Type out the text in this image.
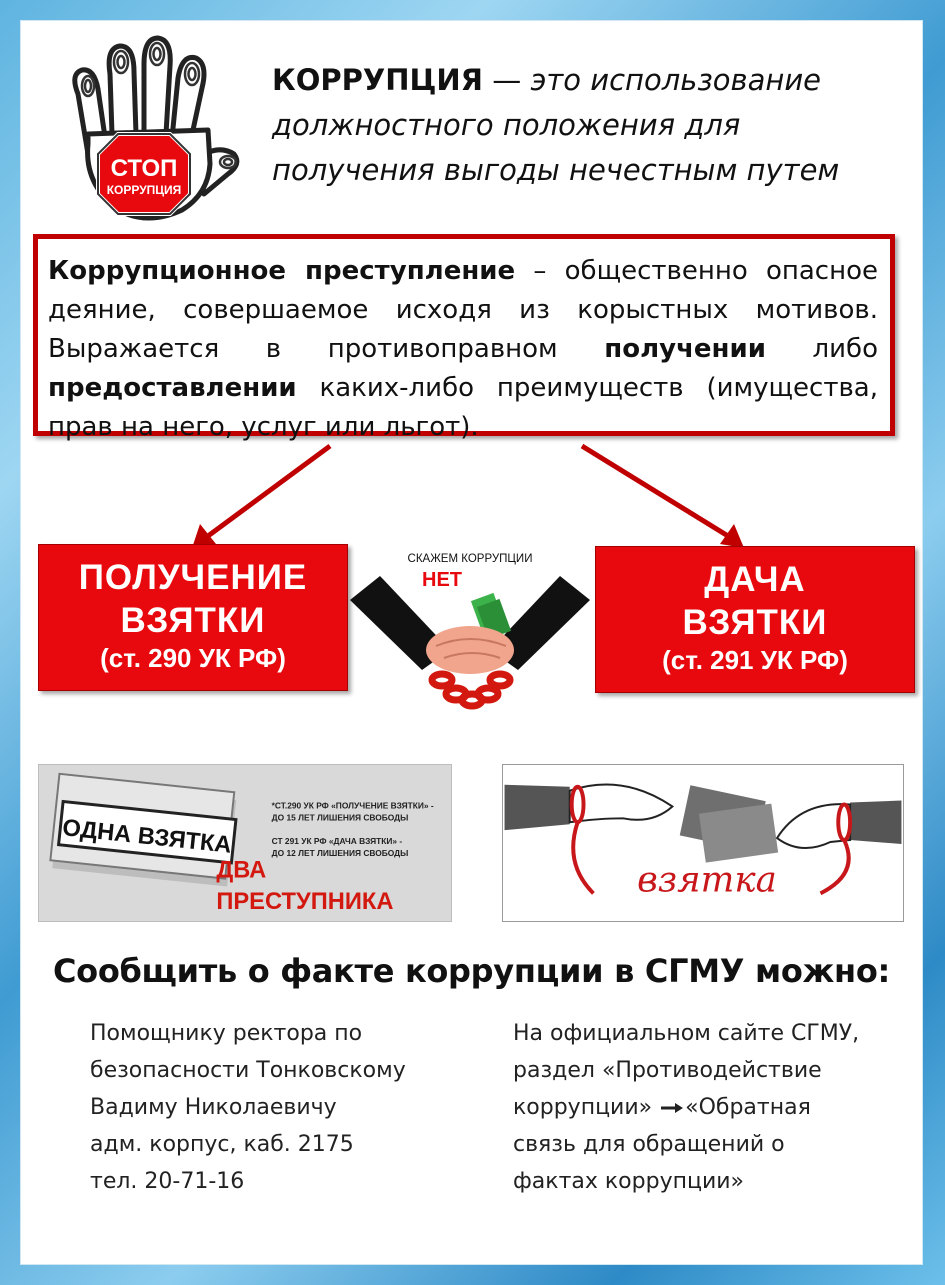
СТОП
КОРРУПЦИЯ
КОРРУПЦИЯ — это использование должностного положения для получения выгоды нечестным путем
Коррупционное преступление – общественно опасное деяние, совершаемое исходя из корыстных мотивов. Выражается в противоправном получении либо предоставлении каких-либо преимуществ (имущества, прав на него, услуг или льгот).
ПОЛУЧЕНИЕ
ВЗЯТКИ
(ст. 290 УК РФ)
СКАЖЕМ КОРРУПЦИИ
НЕТ	ДАЧА
ВЗЯТКИ
(ст. 291 УК РФ)
ОДНА ВЗЯТКА
ДВА
ПРЕСТУПНИКА
*СТ.290 УК РФ «ПОЛУЧЕНИЕ ВЗЯТКИ» -
ДО 15 ЛЕТ ЛИШЕНИЯ СВОБОДЫ
СТ 291 УК РФ «ДАЧА ВЗЯТКИ» -
ДО 12 ЛЕТ ЛИШЕНИЯ СВОБОДЫ
взятка
Сообщить о факте коррупции в СГМУ можно:
Помощнику ректора по
безопасности Тонковскому
Вадиму Николаевичу
адм. корпус, каб. 2175
тел. 20-71-16
На официальном сайте СГМУ,
раздел «Противодействие
коррупции» «Обратная
связь для обращений о
фактах коррупции»
